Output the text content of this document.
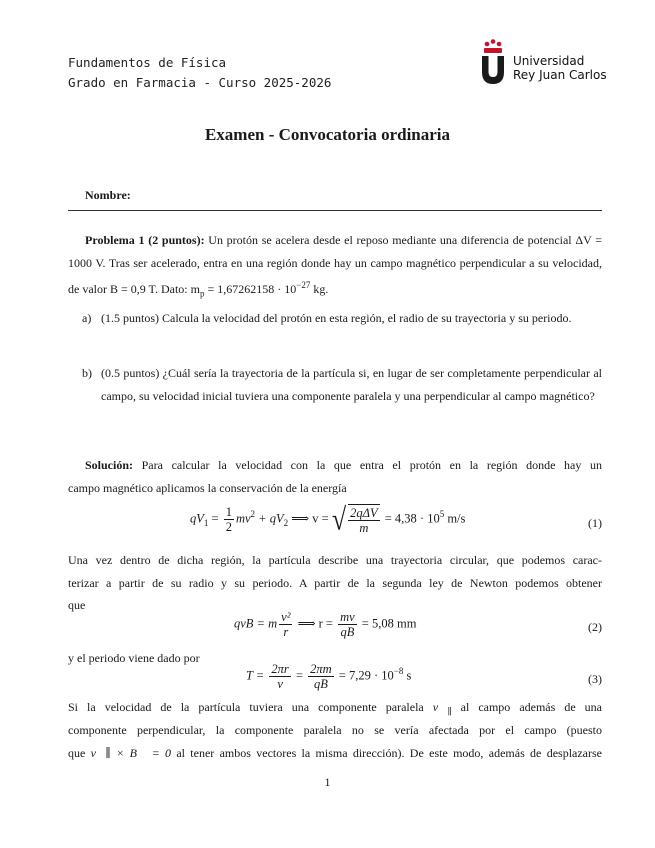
Fundamentos de Física
Grado en Farmacia - Curso 2025-2026
Universidad
Rey Juan Carlos
Examen - Convocatoria ordinaria
Nombre:
Problema 1 (2 puntos): Un protón se acelera desde el reposo mediante una diferencia de potencial ΔV = 1000 V. Tras ser acelerado, entra en una región donde hay un campo magnético perpendicular a su velocidad, de valor B = 0,9 T. Dato: $m_p = 1,67262158 \cdot 10^{-27}$ kg.
a) (1.5 puntos) Calcula la velocidad del protón en esta región, el radio de su trayectoria y su periodo.
b) (0.5 puntos) ¿Cuál sería la trayectoria de la partícula si, en lugar de ser completamente perpendicular al campo, su velocidad inicial tuviera una componente paralela y una perpendicular al campo magnético?
Solución: Para calcular la velocidad con la que entra el protón en la región donde hay un
campo magnético aplicamos la conservación de la energía
$qV_1 = \frac{1}{2} mv^2 + qV_2$ ⟹ v = √ $\frac{\text{2qΔV}}{m} = 4,38 \cdot 10^5$ m/s	(1)
Una vez dentro de dicha región, la partícula describe una trayectoria circular, que podemos carac-
terizar a partir de su radio y su periodo. A partir de la segunda ley de Newton podemos obtener
que
qvB = m $\frac{\text{v²}}{r}$ ⟹ $r = \frac{mv}{qB} = 5,08$ mm	(2)
y el periodo viene dado por
$T = \frac{2\pi r}{v} = \frac{2\pi m}{qB} = 7,29 \cdot 10^{-8}$ s	(3)
Si la velocidad de la partícula tuviera una componente paralela $v⃗_\parallel$ al campo además de una
componente perpendicular, la componente paralela no se vería afectada por el campo (puesto
que v⃗∥ × B⃗ = 0 al tener ambos vectores la misma dirección). De este modo, además de desplazarse
1
